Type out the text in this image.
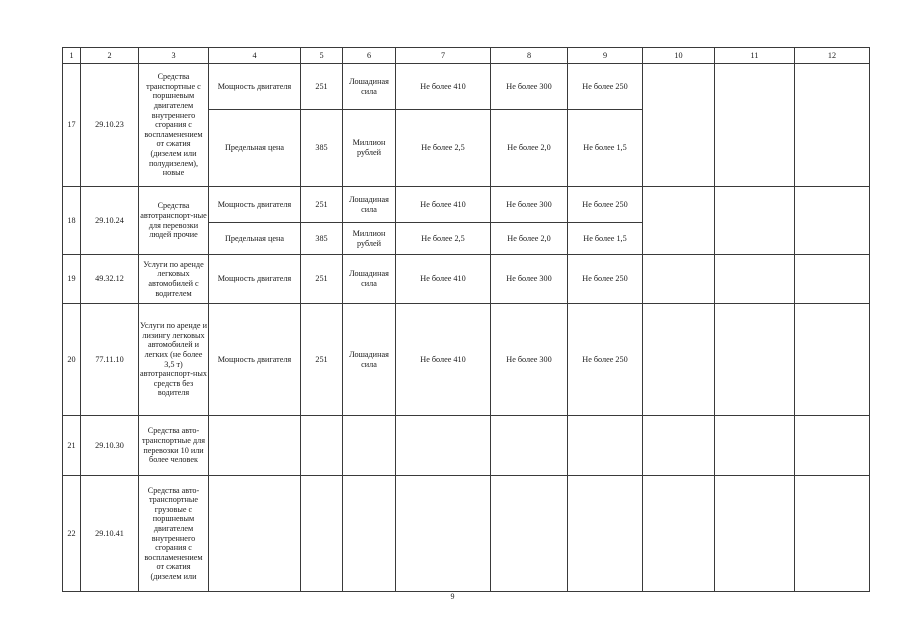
1	2	3	4	5	6	7	8	9	10	11	12
17	29.10.23	Средства транспортные с поршневым двигателем внутреннего сгорания с воспламенением от сжатия (дизелем или полудизелем), новые	Мощность двигателя	251	Лошадиная сила	Не более 410	Не более 300	Не более 250			
			Предельная цена	385	Миллион рублей	Не более 2,5	Не более 2,0	Не более 1,5			
18	29.10.24	Средства автотранспорт-ные для перевозки людей прочие	Мощность двигателя	251	Лошадиная сила	Не более 410	Не более 300	Не более 250			
			Предельная цена	385	Миллион рублей	Не более 2,5	Не более 2,0	Не более 1,5			
19	49.32.12	Услуги по аренде легковых автомобилей с водителем	Мощность двигателя	251	Лошадиная сила	Не более 410	Не более 300	Не более 250			
20	77.11.10	Услуги по аренде и лизингу легковых автомобилей и легких (не более 3,5 т) автотранспорт-ных средств без водителя	Мощность двигателя	251	Лошадиная сила	Не более 410	Не более 300	Не более 250			
21	29.10.30	Средства авто-транспортные для перевозки 10 или более человек									
22	29.10.41	Средства авто-транспортные грузовые с поршневым двигателем внутреннего сгорания с воспламенением от сжатия (дизелем или									
9
